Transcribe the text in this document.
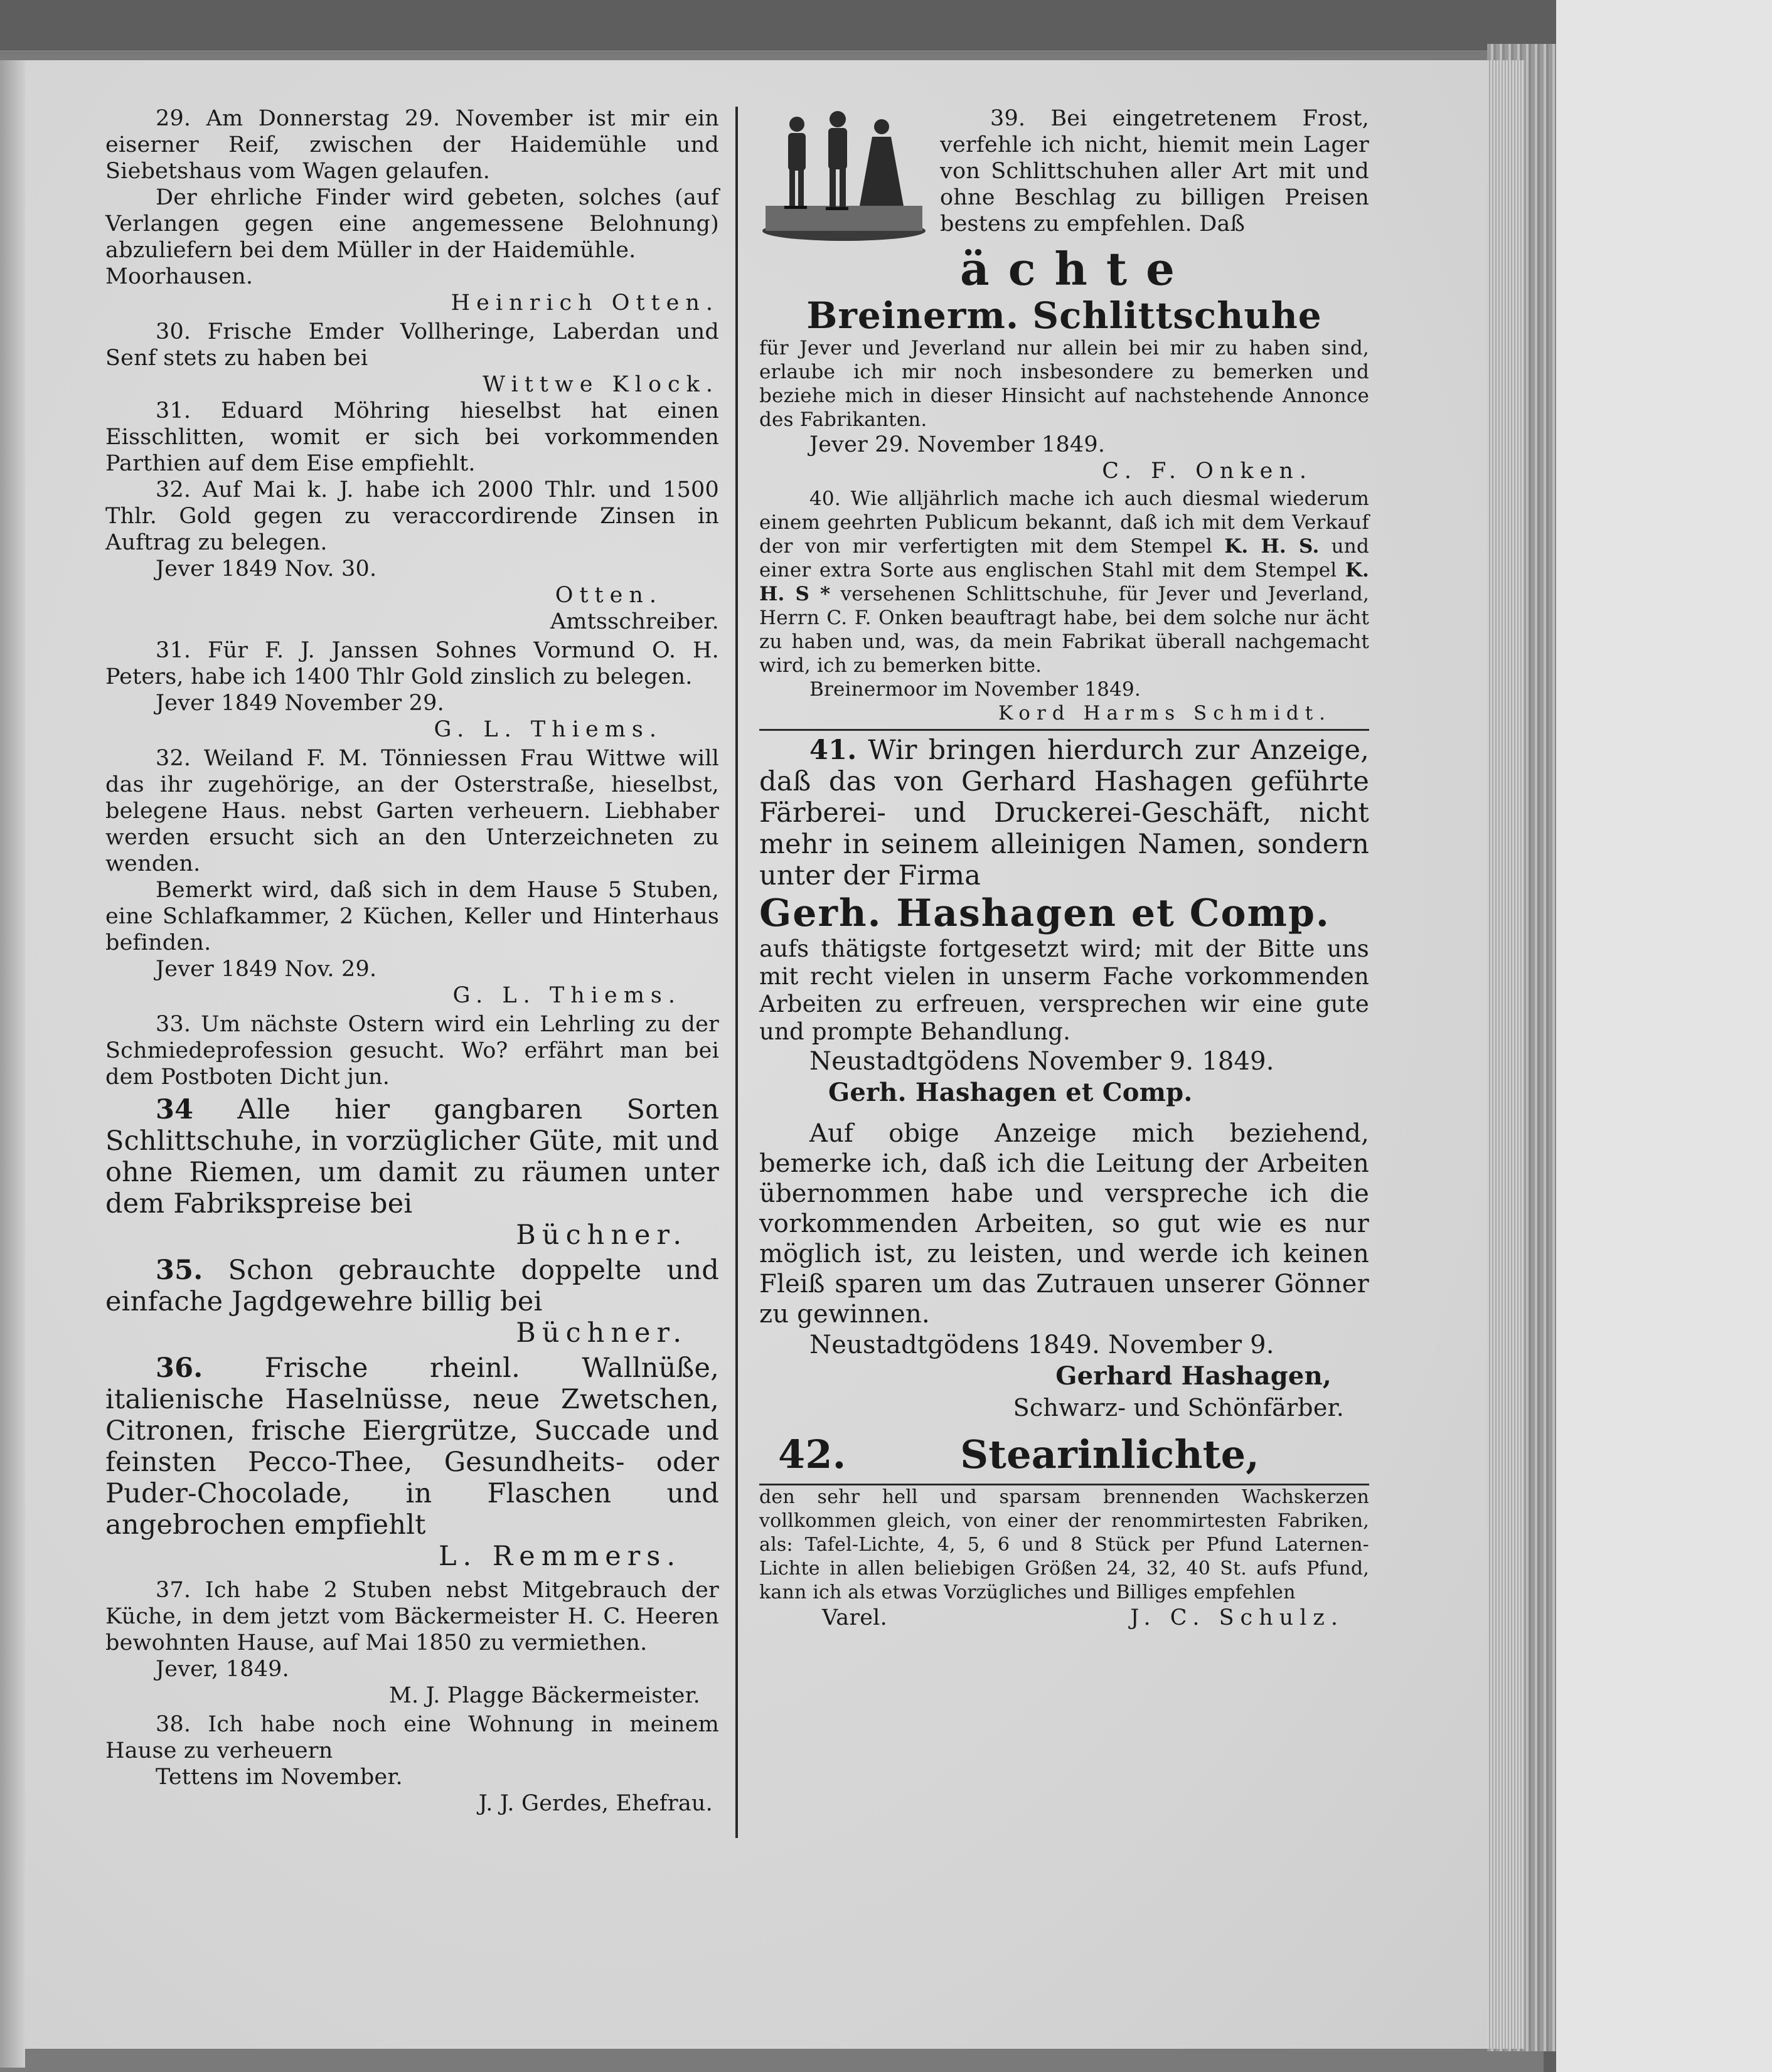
29. Am Donnerstag 29. November ist mir ein eiserner Reif, zwischen der Haidemühle und Siebetshaus vom Wagen gelaufen.

Der ehrliche Finder wird gebeten, solches (auf Verlangen gegen eine angemessene Belohnung) abzuliefern bei dem Müller in der Haidemühle.

Moorhausen.

Heinrich Otten.

30. Frische Emder Vollheringe, Laberdan und Senf stets zu haben bei

Wittwe Klock.

31. Eduard Möhring hieselbst hat einen Eisschlitten, womit er sich bei vorkommenden Parthien auf dem Eise empfiehlt.

32. Auf Mai k. J. habe ich 2000 Thlr. und 1500 Thlr. Gold gegen zu veraccordirende Zinsen in Auftrag zu belegen.

Jever 1849 Nov. 30.

Otten.

Amtsschreiber.

31. Für F. J. Janssen Sohnes Vormund O. H. Peters, habe ich 1400 Thlr Gold zinslich zu belegen.

Jever 1849 November 29.

G. L. Thiems.

32. Weiland F. M. Tönniessen Frau Wittwe will das ihr zugehörige, an der Osterstraße, hieselbst, belegene Haus. nebst Garten verheuern. Liebhaber werden ersucht sich an den Unterzeichneten zu wenden.

Bemerkt wird, daß sich in dem Hause 5 Stuben, eine Schlafkammer, 2 Küchen, Keller und Hinterhaus befinden.

Jever 1849 Nov. 29.

G. L. Thiems.

33. Um nächste Ostern wird ein Lehrling zu der Schmiedeprofession gesucht. Wo? erfährt man bei dem Postboten Dicht jun.

34 Alle hier gangbaren Sorten Schlittschuhe, in vorzüglicher Güte, mit und ohne Riemen, um damit zu räumen unter dem Fabrikspreise bei

Büchner.

35. Schon gebrauchte doppelte und einfache Jagdgewehre billig bei

Büchner.

36. Frische rheinl. Wallnüße, italienische Haselnüsse, neue Zwetschen, Citronen, frische Eiergrütze, Succade und feinsten Pecco-Thee, Gesundheits- oder Puder-Chocolade, in Flaschen und angebrochen empfiehlt

L. Remmers.

37. Ich habe 2 Stuben nebst Mitgebrauch der Küche, in dem jetzt vom Bäckermeister H. C. Heeren bewohnten Hause, auf Mai 1850 zu vermiethen.

Jever, 1849.

M. J. Plagge Bäckermeister.

38. Ich habe noch eine Wohnung in meinem Hause zu verheuern

Tettens im November.

J. J. Gerdes, Ehefrau.

39. Bei eingetretenem Frost, verfehle ich nicht, hiemit mein Lager von Schlittschuhen aller Art mit und ohne Beschlag zu billigen Preisen bestens zu empfehlen. Daß

ächte

Breinerm. Schlittschuhe

für Jever und Jeverland nur allein bei mir zu haben sind, erlaube ich mir noch insbesondere zu bemerken und beziehe mich in dieser Hinsicht auf nachstehende Annonce des Fabrikanten.

Jever 29. November 1849.

C. F. Onken.

40. Wie alljährlich mache ich auch diesmal wiederum einem geehrten Publicum bekannt, daß ich mit dem Verkauf der von mir verfertigten mit dem Stempel K. H. S. und einer extra Sorte aus englischen Stahl mit dem Stempel K. H. S * versehenen Schlittschuhe, für Jever und Jeverland, Herrn C. F. Onken beauftragt habe, bei dem solche nur ächt zu haben und, was, da mein Fabrikat überall nachgemacht wird, ich zu bemerken bitte.

Breinermoor im November 1849.

Kord Harms Schmidt.

41. Wir bringen hierdurch zur Anzeige, daß das von Gerhard Hashagen geführte Färberei- und Druckerei-Geschäft, nicht mehr in seinem alleinigen Namen, sondern unter der Firma

Gerh. Hashagen et Comp.

aufs thätigste fortgesetzt wird; mit der Bitte uns mit recht vielen in unserm Fache vorkommenden Arbeiten zu erfreuen, versprechen wir eine gute und prompte Behandlung.

Neustadtgödens November 9. 1849.

Gerh. Hashagen et Comp.

Auf obige Anzeige mich beziehend, bemerke ich, daß ich die Leitung der Arbeiten übernommen habe und verspreche ich die vorkommenden Arbeiten, so gut wie es nur möglich ist, zu leisten, und werde ich keinen Fleiß sparen um das Zutrauen unserer Gönner zu gewinnen.

Neustadtgödens 1849. November 9.

Gerhard Hashagen,

Schwarz- und Schönfärber.

42.	Stearinlichte,

den sehr hell und sparsam brennenden Wachskerzen vollkommen gleich, von einer der renommirtesten Fabriken, als: Tafel-Lichte, 4, 5, 6 und 8 Stück per Pfund Laternen-Lichte in allen beliebigen Größen 24, 32, 40 St. aufs Pfund, kann ich als etwas Vorzügliches und Billiges empfehlen

Varel.	J. C. Schulz.
